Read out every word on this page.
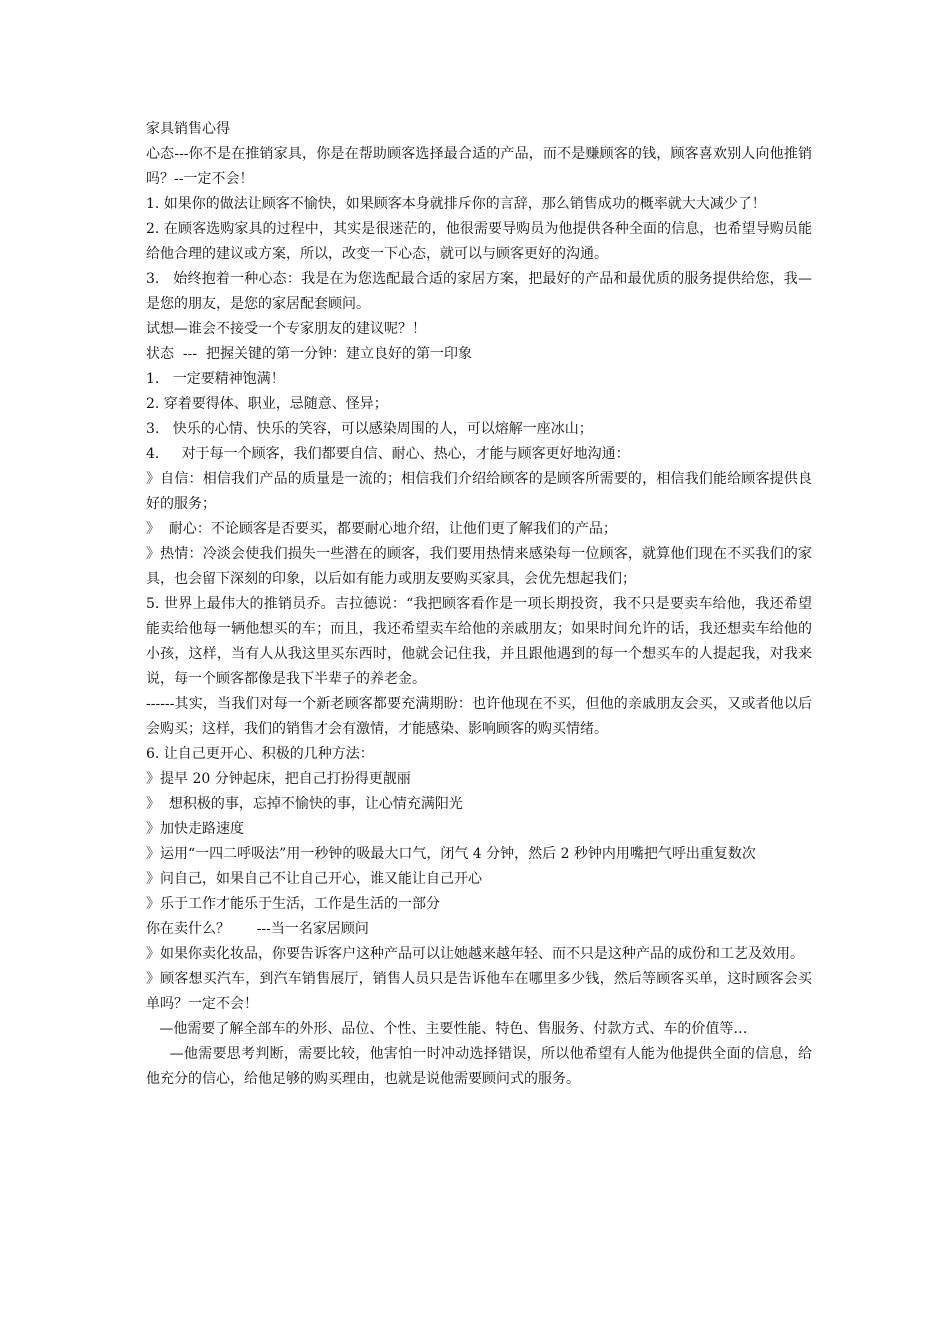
家具销售心得

心态---你不是在推销家具，你是在帮助顾客选择最合适的产品，而不是赚顾客的钱，顾客喜欢别人向他推销吗？--一定不会！

1. 如果你的做法让顾客不愉快，如果顾客本身就排斥你的言辞，那么销售成功的概率就大大减少了！

2. 在顾客选购家具的过程中，其实是很迷茫的，他很需要导购员为他提供各种全面的信息，也希望导购员能给他合理的建议或方案，所以，改变一下心态，就可以与顾客更好的沟通。

3.   始终抱着一种心态：我是在为您选配最合适的家居方案，把最好的产品和最优质的服务提供给您，我—是您的朋友，是您的家居配套顾问。

试想—谁会不接受一个专家朋友的建议呢？！

状态  ---  把握关键的第一分钟：建立良好的第一印象

1.   一定要精神饱满！

2. 穿着要得体、职业，忌随意、怪异；

3.   快乐的心情、快乐的笑容，可以感染周围的人，可以熔解一座冰山；

4.     对于每一个顾客，我们都要自信、耐心、热心，才能与顾客更好地沟通：

》自信：相信我们产品的质量是一流的；相信我们介绍给顾客的是顾客所需要的，相信我们能给顾客提供良好的服务；

》  耐心：不论顾客是否要买，都要耐心地介绍，让他们更了解我们的产品；

》热情：冷淡会使我们损失一些潜在的顾客，我们要用热情来感染每一位顾客，就算他们现在不买我们的家具，也会留下深刻的印象，以后如有能力或朋友要购买家具，会优先想起我们；

5. 世界上最伟大的推销员乔。吉拉德说：“我把顾客看作是一项长期投资，我不只是要卖车给他，我还希望能卖给他每一辆他想买的车；而且，我还希望卖车给他的亲戚朋友；如果时间允许的话，我还想卖车给他的小孩，这样，当有人从我这里买东西时，他就会记住我，并且跟他遇到的每一个想买车的人提起我，对我来说，每一个顾客都像是我下半辈子的养老金。

------其实，当我们对每一个新老顾客都要充满期盼：也许他现在不买，但他的亲戚朋友会买，又或者他以后会购买；这样，我们的销售才会有激情，才能感染、影响顾客的购买情绪。

6. 让自己更开心、积极的几种方法：

》提早 20 分钟起床，把自己打扮得更靓丽

》  想积极的事，忘掉不愉快的事，让心情充满阳光

》加快走路速度

》运用“一四二呼吸法”用一秒钟的吸最大口气，闭气 4 分钟，然后 2 秒钟内用嘴把气呼出重复数次

》问自己，如果自己不让自己开心，谁又能让自己开心

》乐于工作才能乐于生活，工作是生活的一部分

你在卖什么？      ---当一名家居顾问

》如果你卖化妆品，你要告诉客户这种产品可以让她越来越年轻、而不只是这种产品的成份和工艺及效用。

》顾客想买汽车，到汽车销售展厅，销售人员只是告诉他车在哪里多少钱，然后等顾客买单，这时顾客会买单吗？一定不会！

—他需要了解全部车的外形、品位、个性、主要性能、特色、售服务、付款方式、车的价值等…

—他需要思考判断，需要比较，他害怕一时冲动选择错误，所以他希望有人能为他提供全面的信息，给他充分的信心，给他足够的购买理由，也就是说他需要顾问式的服务。
